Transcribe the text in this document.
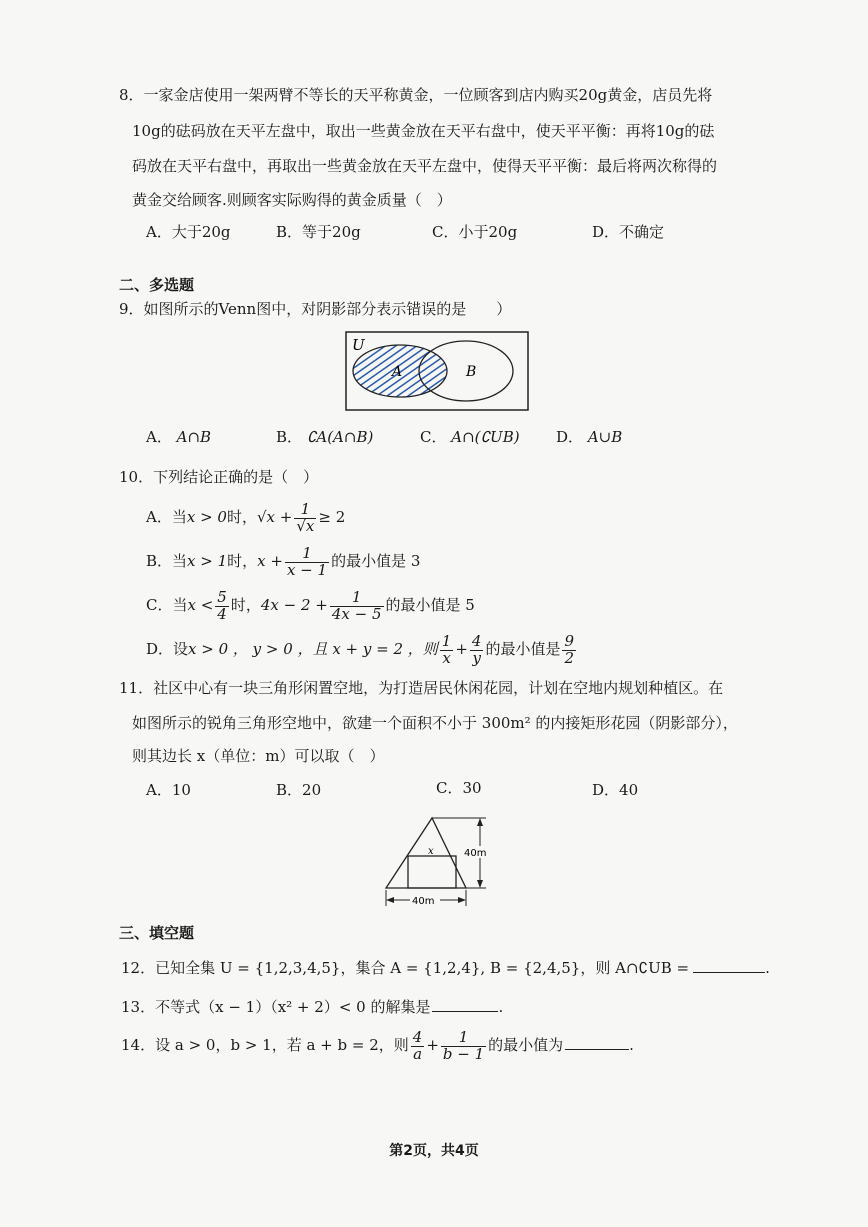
8．一家金店使用一架两臂不等长的天平称黄金，一位顾客到店内购买20g黄金，店员先将
10g的砝码放在天平左盘中，取出一些黄金放在天平右盘中，使天平平衡：再将10g的砝
码放在天平右盘中，再取出一些黄金放在天平左盘中，使得天平平衡：最后将两次称得的
黄金交给顾客.则顾客实际购得的黄金质量（　）
A．大于20g	B．等于20g	C．小于20g	D．不确定
二、多选题
9．如图所示的Venn图中，对阴影部分表示错误的是　　）
U
A	B
A． A∩B	B． ∁A(A∩B)	C． A∩(∁UB) D． A∪B
10．下列结论正确的是（　）
A．当x > 0时，$√x + \frac{1}{√x} \ge 2$
B．当x > 1时，$x + \frac{1}{x - 1}$ 的最小值是 3
C．当$x < \frac{5}{4}$ 时，$4x - 2 + \frac{1}{4x - 5}$ 的最小值是 5
D．设x > 0 ， y > 0 ，且 x + y = 2 ，则 $\frac{1}{x} + \frac{4}{y}$ 的最小值是 $\frac{9}{2}$
11．社区中心有一块三角形闲置空地，为打造居民休闲花园，计划在空地内规划种植区。在
如图所示的锐角三角形空地中，欲建一个面积不小于 300m² 的内接矩形花园（阴影部分），
则其边长 x（单位：m）可以取（　）
A．10	B．20	C．30	D．40
x	40m
40m
三、填空题
12．已知全集 U = {1,2,3,4,5}，集合 A = {1,2,4}, B = {2,4,5}，则 A∩∁UB =	.
13．不等式（x − 1）（x² + 2）< 0 的解集是	.
14．设 a > 0，b > 1，若 a + b = 2，则 $\frac{4}{a} + \frac{1}{b - 1}$ 的最小值为	.
第2页，共4页
